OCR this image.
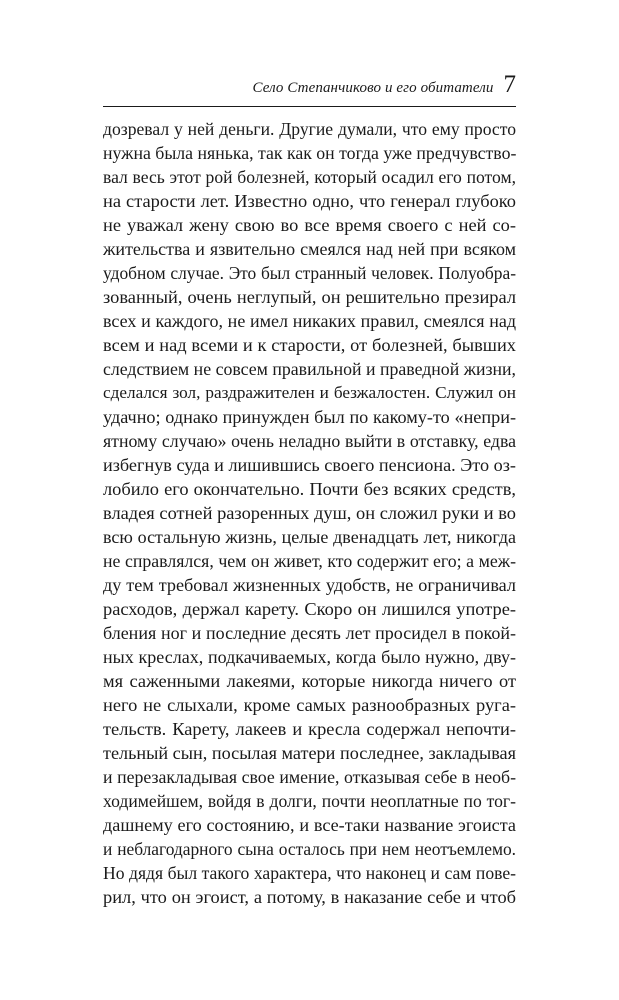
Село Степанчиково и его обитатели 7
дозревал у ней деньги. Другие думали, что ему просто
нужна была нянька, так как он тогда уже предчувство-
вал весь этот рой болезней, который осадил его потом,
на старости лет. Известно одно, что генерал глубоко
не уважал жену свою во все время своего с ней со-
жительства и язвительно смеялся над ней при всяком
удобном случае. Это был странный человек. Полуобра-
зованный, очень неглупый, он решительно презирал
всех и каждого, не имел никаких правил, смеялся над
всем и над всеми и к старости, от болезней, бывших
следствием не совсем правильной и праведной жизни,
сделался зол, раздражителен и безжалостен. Служил он
удачно; однако принужден был по какому-то «непри-
ятному случаю» очень неладно выйти в отставку, едва
избегнув суда и лишившись своего пенсиона. Это оз-
лобило его окончательно. Почти без всяких средств,
владея сотней разоренных душ, он сложил руки и во
всю остальную жизнь, целые двенадцать лет, никогда
не справлялся, чем он живет, кто содержит его; а меж-
ду тем требовал жизненных удобств, не ограничивал
расходов, держал карету. Скоро он лишился употре-
бления ног и последние десять лет просидел в покой-
ных креслах, подкачиваемых, когда было нужно, дву-
мя саженными лакеями, которые никогда ничего от
него не слыхали, кроме самых разнообразных руга-
тельств. Карету, лакеев и кресла содержал непочти-
тельный сын, посылая матери последнее, закладывая
и перезакладывая свое имение, отказывая себе в необ-
ходимейшем, войдя в долги, почти неоплатные по тог-
дашнему его состоянию, и все-таки название эгоиста
и неблагодарного сына осталось при нем неотъемлемо.
Но дядя был такого характера, что наконец и сам пове-
рил, что он эгоист, а потому, в наказание себе и чтоб
